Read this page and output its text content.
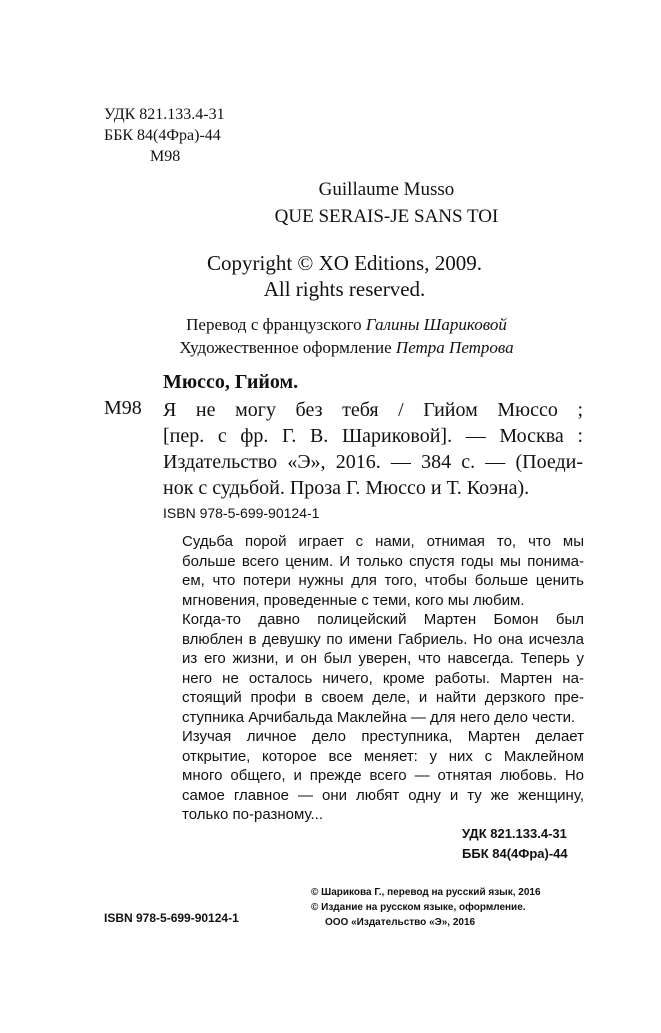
УДК 821.133.4-31
ББК 84(4Фра)-44
М98
Guillaume Musso
QUE SERAIS-JE SANS TOI
Copyright © XO Editions, 2009.
All rights reserved.
Перевод с французского Галины Шариковой
Художественное оформление Петра Петрова
Мюссо, Гийом.
М98 Я не могу без тебя / Гийом Мюссо ;
[пер. с фр. Г. В. Шариковой]. — Москва :
Издательство «Э», 2016. — 384 с. — (Поеди-
нок с судьбой. Проза Г. Мюссо и Т. Коэна).
ISBN 978-5-699-90124-1
Судьба порой играет с нами, отнимая то, что мы
больше всего ценим. И только спустя годы мы понима-
ем, что потери нужны для того, чтобы больше ценить
мгновения, проведенные с теми, кого мы любим.
Когда-то давно полицейский Мартен Бомон был
влюблен в девушку по имени Габриель. Но она исчезла
из его жизни, и он был уверен, что навсегда. Теперь у
него не осталось ничего, кроме работы. Мартен на-
стоящий профи в своем деле, и найти дерзкого пре-
ступника Арчибальда Маклейна — для него дело чести.
Изучая личное дело преступника, Мартен делает
открытие, которое все меняет: у них с Маклейном
много общего, и прежде всего — отнятая любовь. Но
самое главное — они любят одну и ту же женщину,
только по-разному...
УДК 821.133.4-31
ББК 84(4Фра)-44
© Шарикова Г., перевод на русский язык, 2016
© Издание на русском языке, оформление.
ООО «Издательство «Э», 2016
ISBN 978-5-699-90124-1
